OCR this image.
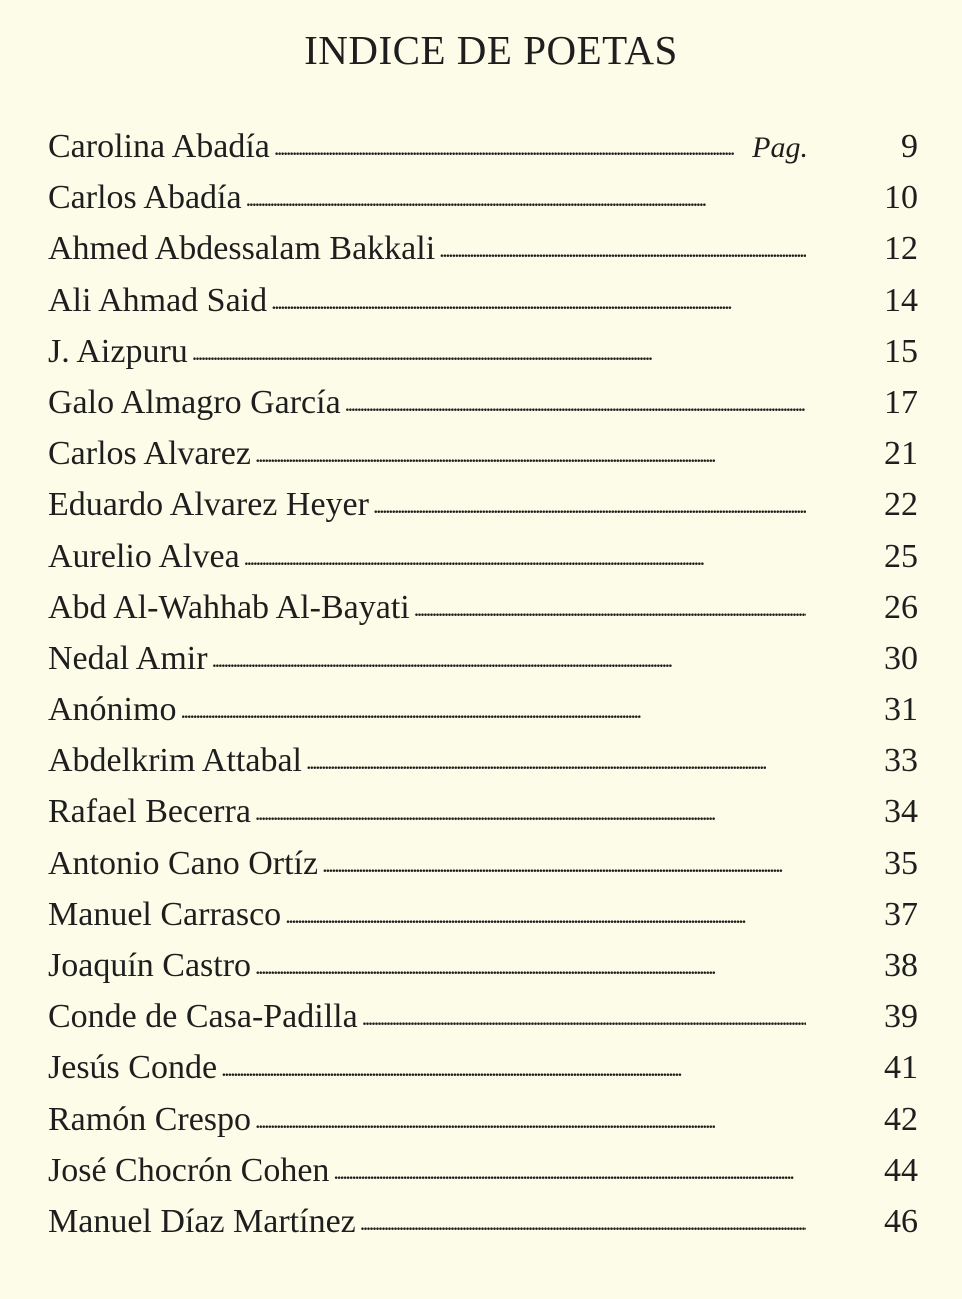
INDICE DE POETAS
Carolina Abadía . . .	Pag.	9
Carlos Abadía . . .	10
Ahmed Abdessalam Bakkali . . .	12
Ali Ahmad Said . . .	14
J. Aizpuru . . .	15
Galo Almagro García . . .	17
Carlos Alvarez . . .	21
Eduardo Alvarez Heyer . . .	22
Aurelio Alvea . . .	25
Abd Al-Wahhab Al-Bayati . . .	26
Nedal Amir . . .	30
Anónimo . . .	31
Abdelkrim Attabal . . .	33
Rafael Becerra . . .	34
Antonio Cano Ortíz . . .	35
Manuel Carrasco . . .	37
Joaquín Castro . . .	38
Conde de Casa-Padilla . . .	39
Jesús Conde . . .	41
Ramón Crespo . . .	42
José Chocrón Cohen . . .	44
Manuel Díaz Martínez . . .	46
